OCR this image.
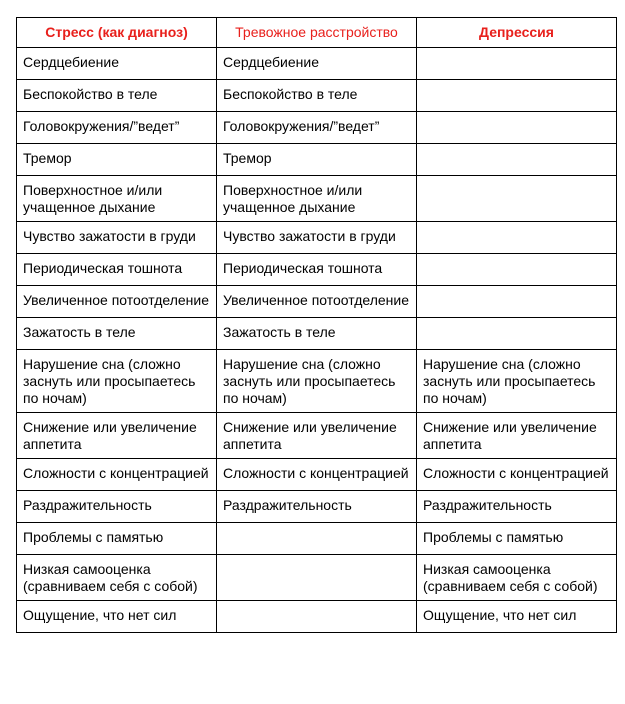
Стресс (как диагноз)	Тревожное расстройство	Депрессия
Сердцебиение	Сердцебиение	
Беспокойство в теле	Беспокойство в теле	
Головокружения/”ведет”	Головокружения/”ведет”	
Тремор	Тремор	
Поверхностное и/или учащенное дыхание	Поверхностное и/или учащенное дыхание	
Чувство зажатости в груди	Чувство зажатости в груди	
Периодическая тошнота	Периодическая тошнота	
Увеличенное потоотделение	Увеличенное потоотделение	
Зажатость в теле	Зажатость в теле	
Нарушение сна (сложно заснуть или просыпаетесь по ночам)	Нарушение сна (сложно заснуть или просыпаетесь по ночам)	Нарушение сна (сложно заснуть или просыпаетесь по ночам)
Снижение или увеличение аппетита	Снижение или увеличение аппетита	Снижение или увеличение аппетита
Сложности с концентрацией	Сложности с концентрацией	Сложности с концентрацией
Раздражительность	Раздражительность	Раздражительность
Проблемы с памятью		Проблемы с памятью
Низкая самооценка (сравниваем себя с собой)		Низкая самооценка (сравниваем себя с собой)
Ощущение, что нет сил		Ощущение, что нет сил
